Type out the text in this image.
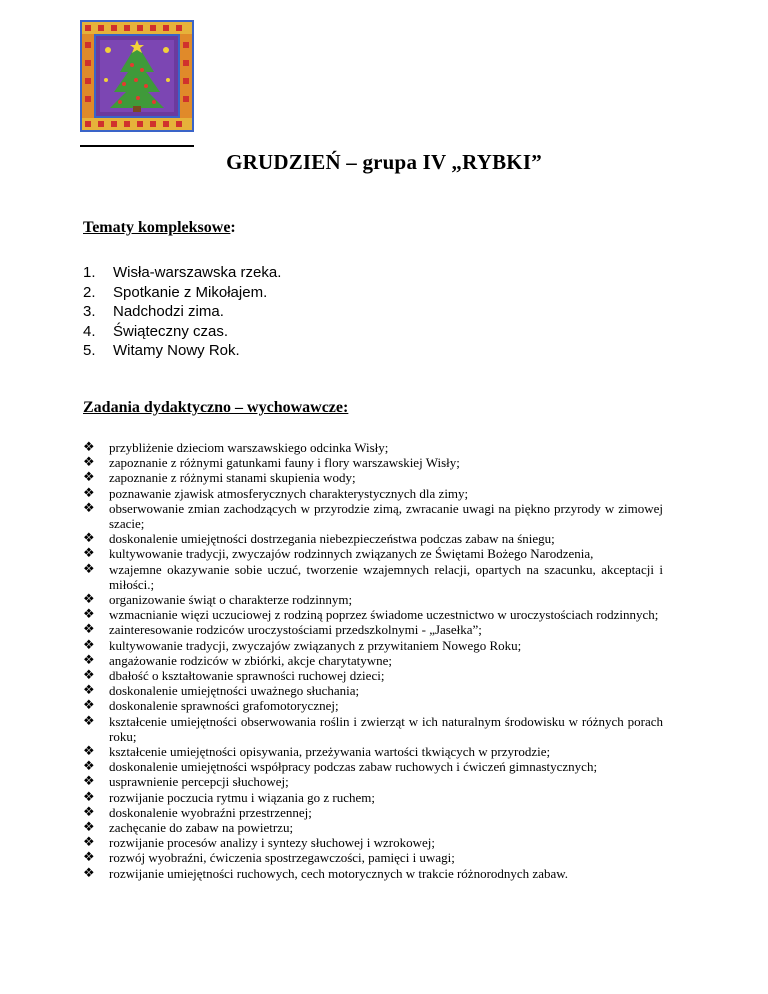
GRUDZIEŃ – grupa IV „RYBKI”
Tematy kompleksowe:
1.	Wisła-warszawska rzeka.
2.	Spotkanie z Mikołajem.
3.	Nadchodzi zima.
4.	Świąteczny czas.
5.	Witamy Nowy Rok.
Zadania dydaktyczno – wychowawcze:
❖ przybliżenie dzieciom warszawskiego odcinka Wisły;
❖ zapoznanie z różnymi gatunkami fauny i flory warszawskiej Wisły;
❖ zapoznanie z różnymi stanami skupienia wody;
❖ poznawanie zjawisk atmosferycznych charakterystycznych dla zimy;
❖ obserwowanie zmian zachodzących w przyrodzie zimą, zwracanie uwagi na piękno przyrody w zimowej szacie;
❖ doskonalenie umiejętności dostrzegania niebezpieczeństwa podczas zabaw na śniegu;
❖ kultywowanie tradycji, zwyczajów rodzinnych związanych ze Świętami Bożego Narodzenia,
❖ wzajemne okazywanie sobie uczuć, tworzenie wzajemnych relacji, opartych na szacunku, akceptacji i miłości.;
❖ organizowanie świąt o charakterze rodzinnym;
❖ wzmacnianie więzi uczuciowej z rodziną poprzez świadome uczestnictwo w uroczystościach rodzinnych;
❖ zainteresowanie rodziców uroczystościami przedszkolnymi - „Jasełka”;
❖ kultywowanie tradycji, zwyczajów związanych z przywitaniem Nowego Roku;
❖ angażowanie rodziców w zbiórki, akcje charytatywne;
❖ dbałość o kształtowanie sprawności ruchowej dzieci;
❖ doskonalenie umiejętności uważnego słuchania;
❖ doskonalenie sprawności grafomotorycznej;
❖ kształcenie umiejętności obserwowania roślin i zwierząt w ich naturalnym środowisku w różnych porach roku;
❖ kształcenie umiejętności opisywania, przeżywania wartości tkwiących w przyrodzie;
❖ doskonalenie umiejętności współpracy podczas zabaw ruchowych i ćwiczeń gimnastycznych;
❖ usprawnienie percepcji słuchowej;
❖ rozwijanie poczucia rytmu i wiązania go z ruchem;
❖ doskonalenie wyobraźni przestrzennej;
❖ zachęcanie do zabaw na powietrzu;
❖ rozwijanie procesów analizy i syntezy słuchowej i wzrokowej;
❖ rozwój wyobraźni, ćwiczenia spostrzegawczości, pamięci i uwagi;
❖ rozwijanie umiejętności ruchowych, cech motorycznych w trakcie różnorodnych zabaw.
